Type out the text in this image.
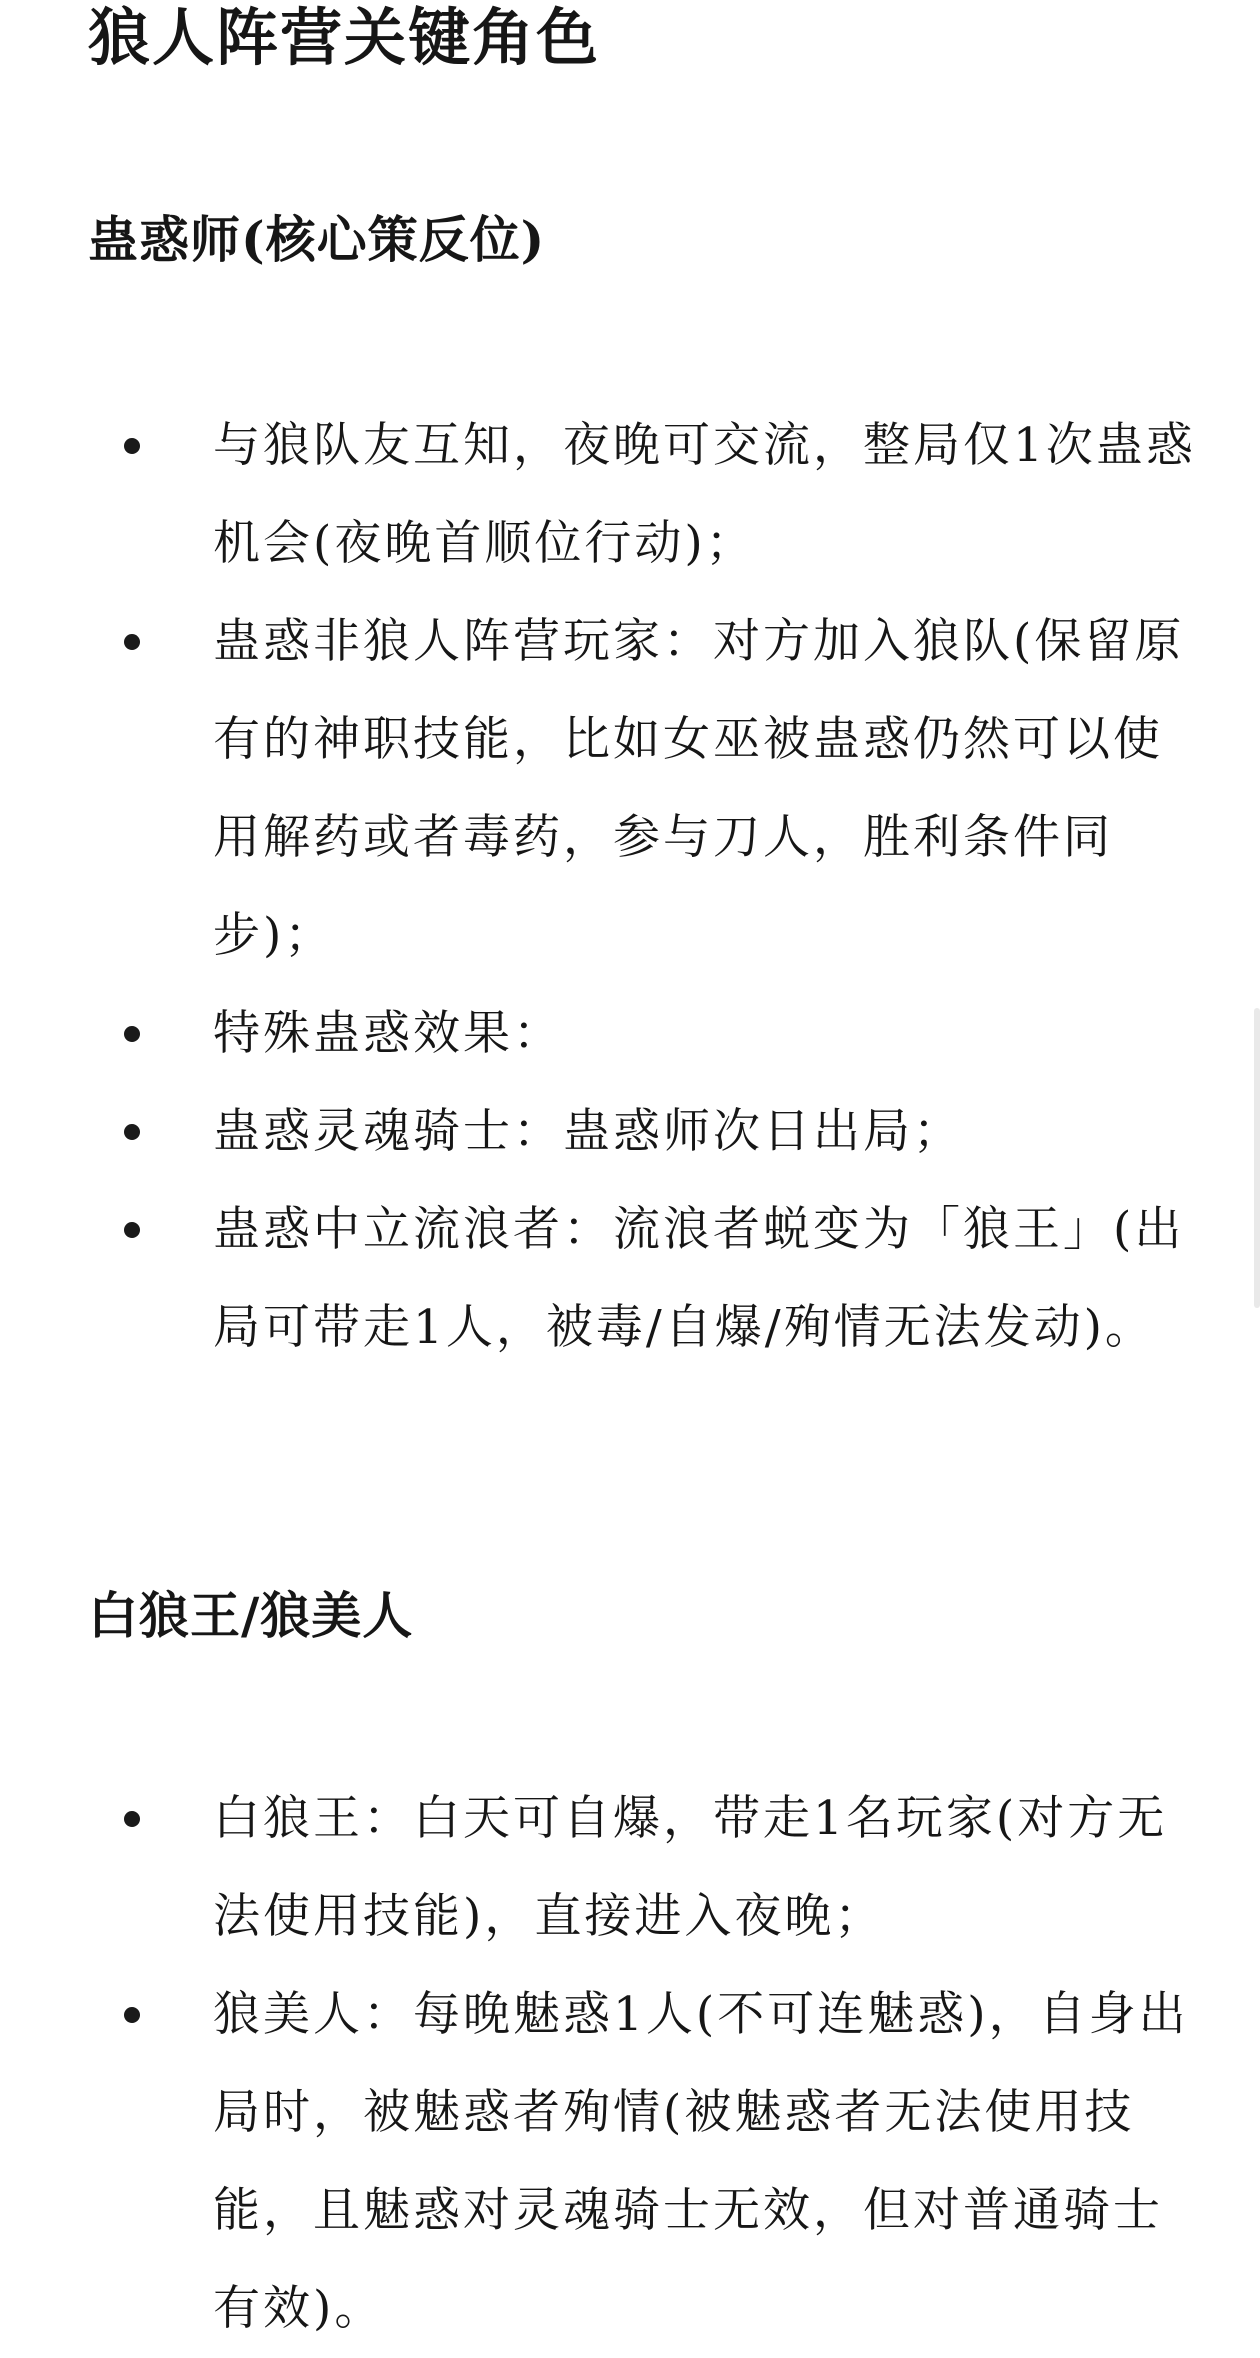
狼人阵营关键角色
蛊惑师(核心策反位)
与狼队友互知，夜晚可交流，整局仅1次蛊惑机会(夜晚首顺位行动)；
蛊惑非狼人阵营玩家：对方加入狼队(保留原有的神职技能，比如女巫被蛊惑仍然可以使用解药或者毒药，参与刀人，胜利条件同步)；
特殊蛊惑效果：
蛊惑灵魂骑士：蛊惑师次日出局；
蛊惑中立流浪者：流浪者蜕变为「狼王」(出局可带走1人，被毒/自爆/殉情无法发动)。
白狼王/狼美人
白狼王：白天可自爆，带走1名玩家(对方无法使用技能)，直接进入夜晚；
狼美人：每晚魅惑1人(不可连魅惑)，自身出局时，被魅惑者殉情(被魅惑者无法使用技能，且魅惑对灵魂骑士无效，但对普通骑士有效)。
